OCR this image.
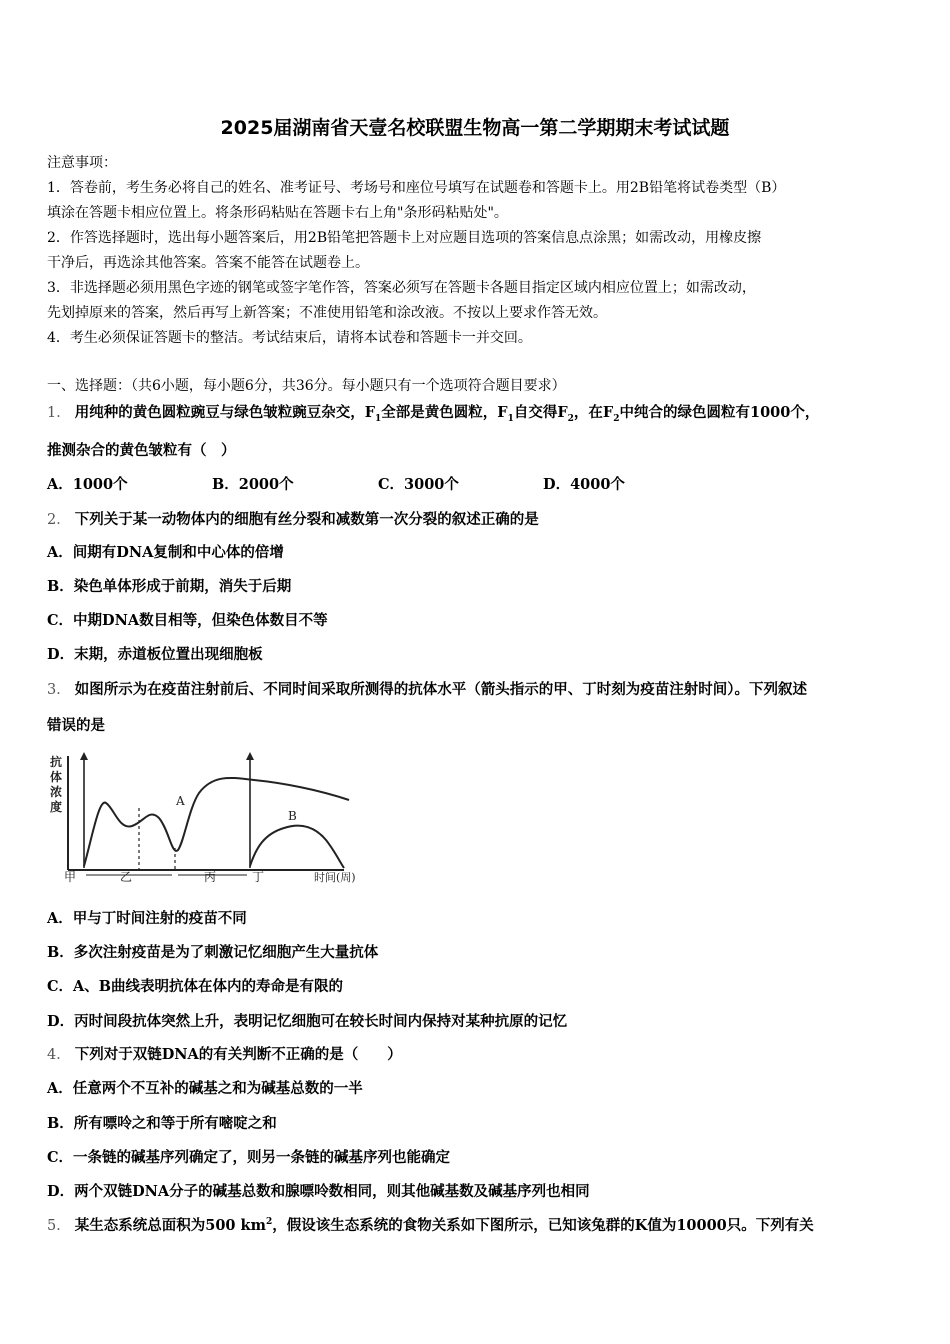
2025届湖南省天壹名校联盟生物高一第二学期期末考试试题
注意事项：
1．答卷前，考生务必将自己的姓名、准考证号、考场号和座位号填写在试题卷和答题卡上。用2B铅笔将试卷类型（B）
填涂在答题卡相应位置上。将条形码粘贴在答题卡右上角"条形码粘贴处"。
2．作答选择题时，选出每小题答案后，用2B铅笔把答题卡上对应题目选项的答案信息点涂黑；如需改动，用橡皮擦
干净后，再选涂其他答案。答案不能答在试题卷上。
3．非选择题必须用黑色字迹的钢笔或签字笔作答，答案必须写在答题卡各题目指定区域内相应位置上；如需改动，
先划掉原来的答案，然后再写上新答案；不准使用铅笔和涂改液。不按以上要求作答无效。
4．考生必须保证答题卡的整洁。考试结束后，请将本试卷和答题卡一并交回。
一、选择题：（共6小题，每小题6分，共36分。每小题只有一个选项符合题目要求）
1． 用纯种的黄色圆粒豌豆与绿色皱粒豌豆杂交，$F_1$全部是黄色圆粒，$F_1$自交得$F_2$，在$F_2$中纯合的绿色圆粒有1000个，
推测杂合的黄色皱粒有（　）
A．1000个	B．2000个	C．3000个	D．4000个
2． 下列关于某一动物体内的细胞有丝分裂和减数第一次分裂的叙述正确的是
A．间期有DNA复制和中心体的倍增
B．染色单体形成于前期，消失于后期
C．中期DNA数目相等，但染色体数目不等
D．末期，赤道板位置出现细胞板
3． 如图所示为在疫苗注射前后、不同时间采取所测得的抗体水平（箭头指示的甲、丁时刻为疫苗注射时间）。下列叙述
错误的是
抗
体
浓
度	A
B
甲	乙	丙	丁	时间(周)
A．甲与丁时间注射的疫苗不同
B．多次注射疫苗是为了刺激记忆细胞产生大量抗体
C．A、B曲线表明抗体在体内的寿命是有限的
D．丙时间段抗体突然上升，表明记忆细胞可在较长时间内保持对某种抗原的记忆
4． 下列对于双链DNA的有关判断不正确的是（　　）
A．任意两个不互补的碱基之和为碱基总数的一半
B．所有嘌呤之和等于所有嘧啶之和
C．一条链的碱基序列确定了，则另一条链的碱基序列也能确定
D．两个双链DNA分子的碱基总数和腺嘌呤数相同，则其他碱基数及碱基序列也相同
5． 某生态系统总面积为500 $km^2$，假设该生态系统的食物关系如下图所示，已知该兔群的K值为10000只。下列有关
